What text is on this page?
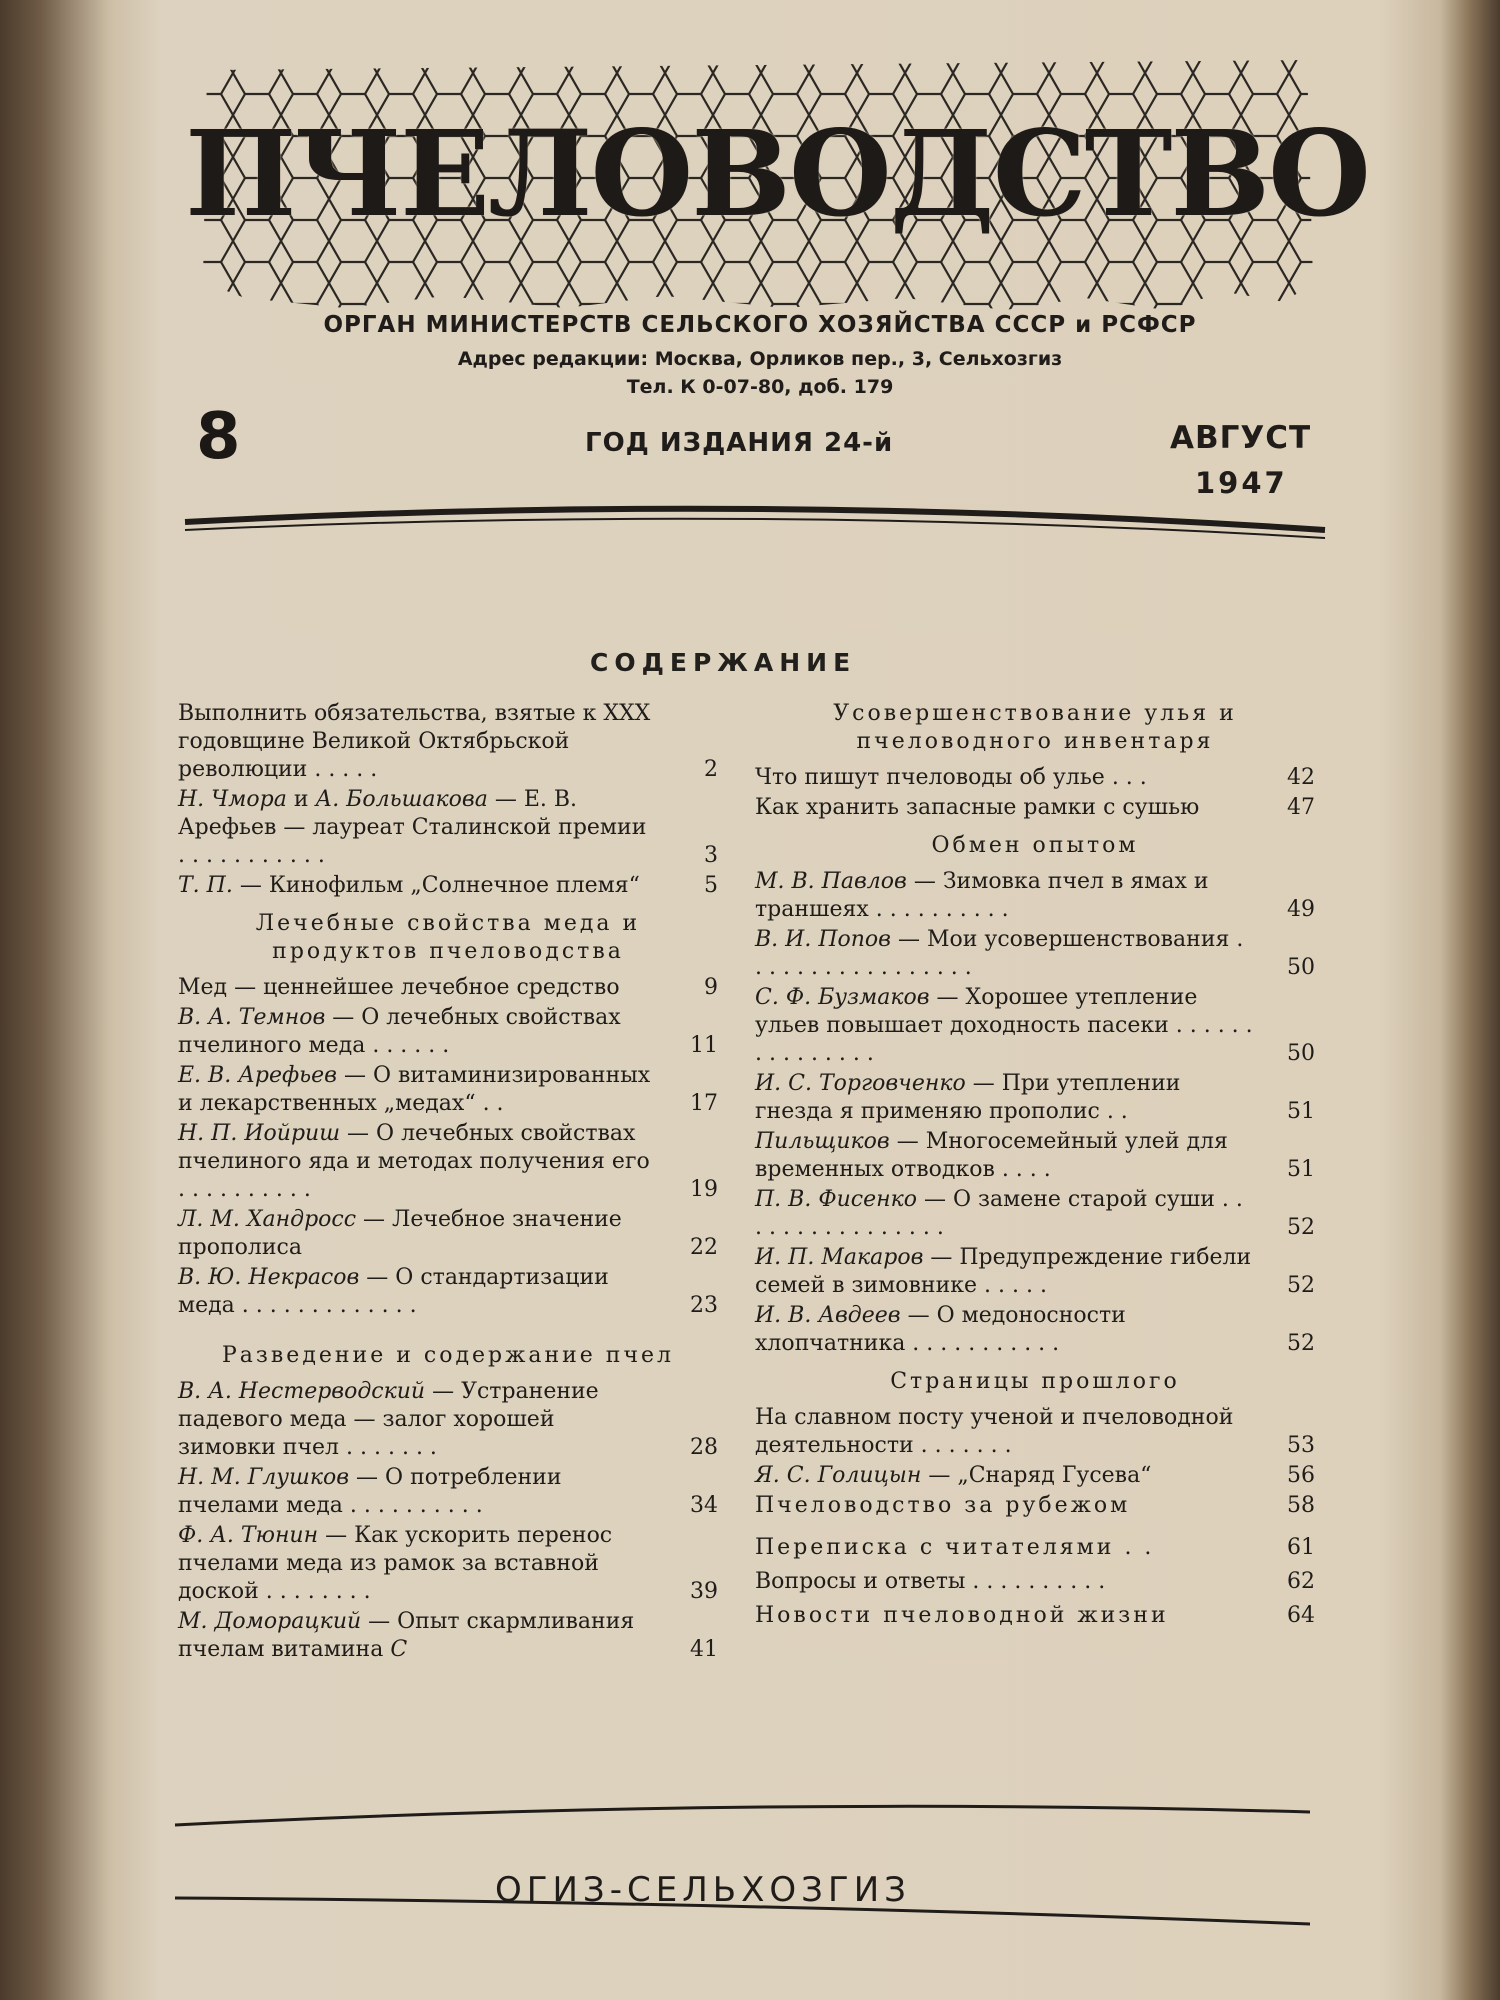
ПЧЕЛОВОДСТВО
ОРГАН МИНИСТЕРСТВ СЕЛЬСКОГО ХОЗЯЙСТВА СССР и РСФСР
Адрес редакции: Москва, Орликов пер., 3, Сельхозгиз
Тел. К 0-07-80, доб. 179
8	ГОД ИЗДАНИЯ 24-й	АВГУСТ
1947
СОДЕРЖАНИЕ
Выполнить обязательства, взятые к XXX годовщине Великой Октябрьской революции . . . . .	2
Н. Чмора и А. Большакова — Е. В. Арефьев — лауреат Сталинской премии . . . . . . . . . . .	3
Т. П. — Кинофильм „Солнечное племя“	5
Лечебные свойства меда и продуктов пчеловодства
Мед — ценнейшее лечебное средство	9
В. А. Темнов — О лечебных свойствах пчелиного меда . . . . . .	11
Е. В. Арефьев — О витаминизированных и лекарственных „медах“ . .	17
Н. П. Иойриш — О лечебных свойствах пчелиного яда и методах получения его . . . . . . . . . .	19
Л. М. Хандросс — Лечебное значение прополиса	22
В. Ю. Некрасов — О стандартизации меда . . . . . . . . . . . . .	23
Разведение и содержание пчел
В. А. Нестерводский — Устранение падевого меда — залог хорошей зимовки пчел . . . . . . .	28
Н. М. Глушков — О потреблении пчелами меда . . . . . . . . . .	34
Ф. А. Тюнин — Как ускорить перенос пчелами меда из рамок за вставной доской . . . . . . . .	39
М. Доморацкий — Опыт скармливания пчелам витамина С	41
Усовершенствование улья и пчеловодного инвентаря
Что пишут пчеловоды об улье . . .	42
Как хранить запасные рамки с сушью	47
Обмен опытом
М. В. Павлов — Зимовка пчел в ямах и траншеях . . . . . . . . . .	49
В. И. Попов — Мои усовершенствования . . . . . . . . . . . . . . . . .	50
С. Ф. Бузмаков — Хорошее утепление ульев повышает доходность пасеки . . . . . . . . . . . . . . .	50
И. С. Торговченко — При утеплении гнезда я применяю прополис . .	51
Пильщиков — Многосемейный улей для временных отводков . . . .	51
П. В. Фисенко — О замене старой суши . . . . . . . . . . . . . . . .	52
И. П. Макаров — Предупреждение гибели семей в зимовнике . . . . .	52
И. В. Авдеев — О медоносности хлопчатника . . . . . . . . . . .	52
Страницы прошлого
На славном посту ученой и пчеловодной деятельности . . . . . . .	53
Я. С. Голицын — „Снаряд Гусева“	56
Пчеловодство за рубежом	58
Переписка с читателями . .	61
Вопросы и ответы . . . . . . . . . .	62
Новости пчеловодной жизни	64
ОГИЗ-СЕЛЬХОЗГИЗ
